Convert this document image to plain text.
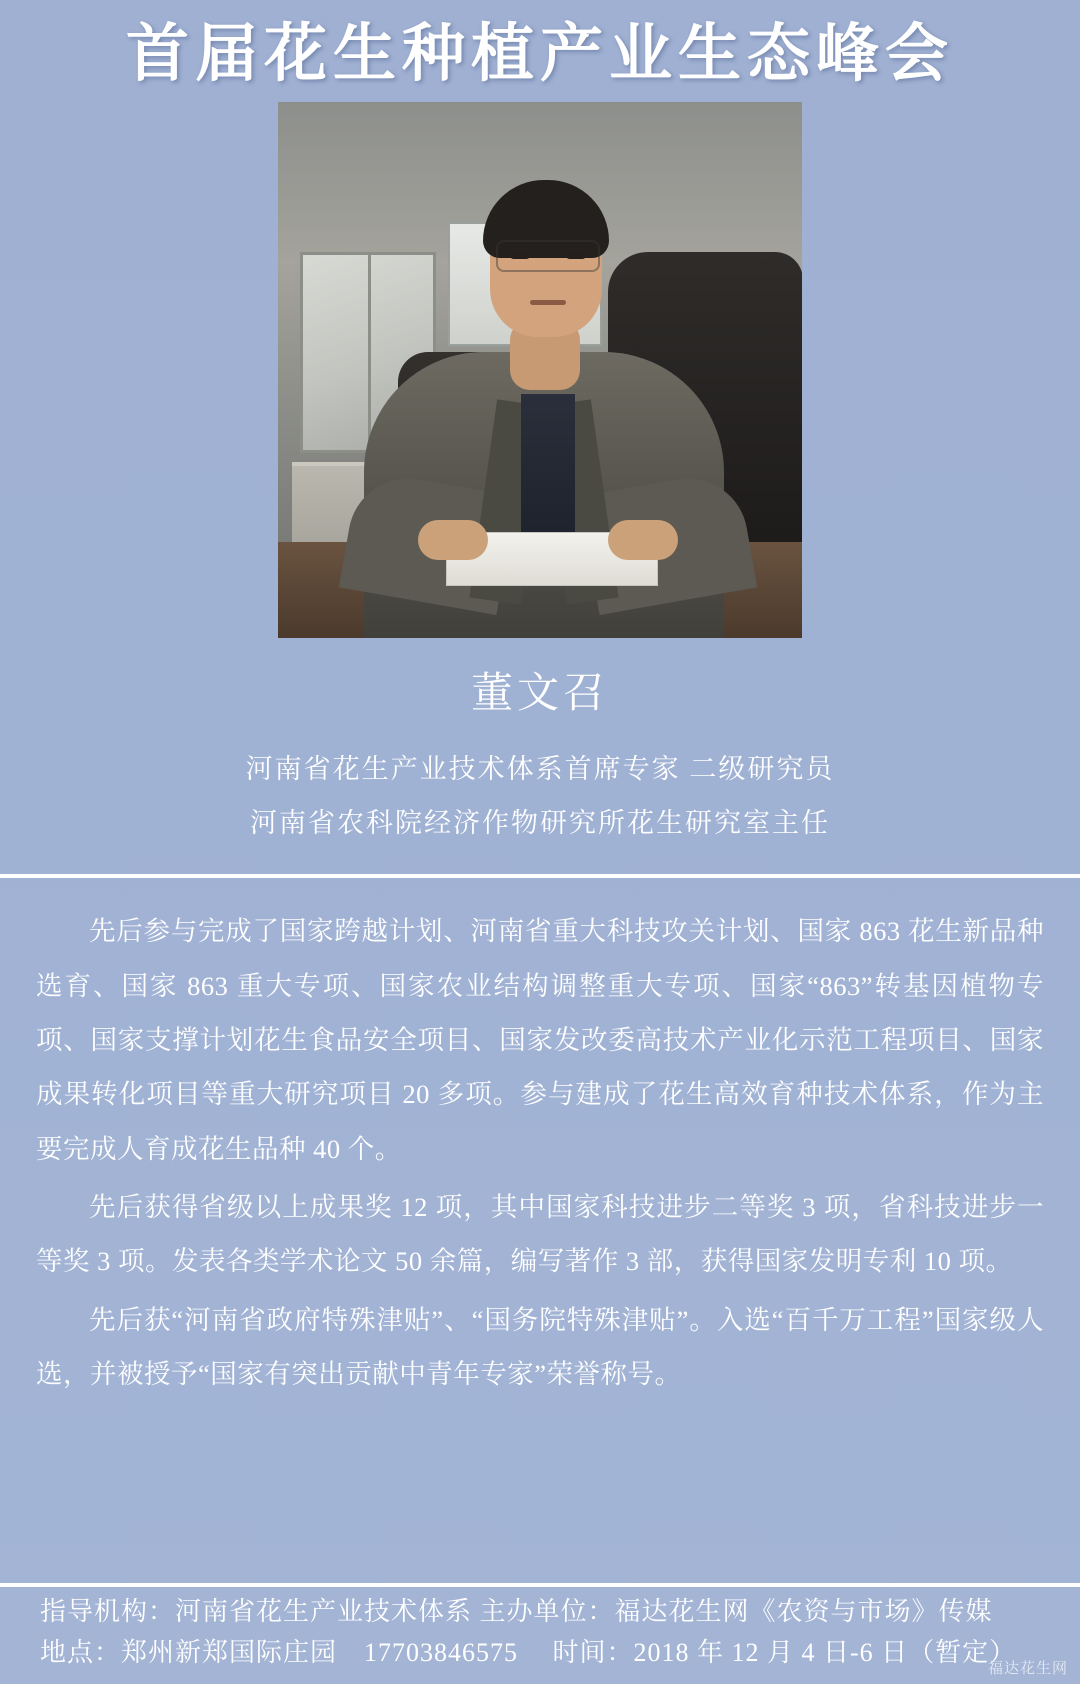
首届花生种植产业生态峰会
董文召
河南省花生产业技术体系首席专家 二级研究员
河南省农科院经济作物研究所花生研究室主任

先后参与完成了国家跨越计划、河南省重大科技攻关计划、国家 863 花生新品种选育、国家 863 重大专项、国家农业结构调整重大专项、国家“863”转基因植物专项、国家支撑计划花生食品安全项目、国家发改委高技术产业化示范工程项目、国家成果转化项目等重大研究项目 20 多项。参与建成了花生高效育种技术体系，作为主要完成人育成花生品种 40 个。

先后获得省级以上成果奖 12 项，其中国家科技进步二等奖 3 项，省科技进步一等奖 3 项。发表各类学术论文 50 余篇，编写著作 3 部，获得国家发明专利 10 项。

先后获“河南省政府特殊津贴”、“国务院特殊津贴”。入选“百千万工程”国家级人选，并被授予“国家有突出贡献中青年专家”荣誉称号。

指导机构：河南省花生产业技术体系 主办单位：福达花生网《农资与市场》传媒
地点：郑州新郑国际庄园　17703846575　 时间：2018 年 12 月 4 日-6 日（暂定）
福达花生网
